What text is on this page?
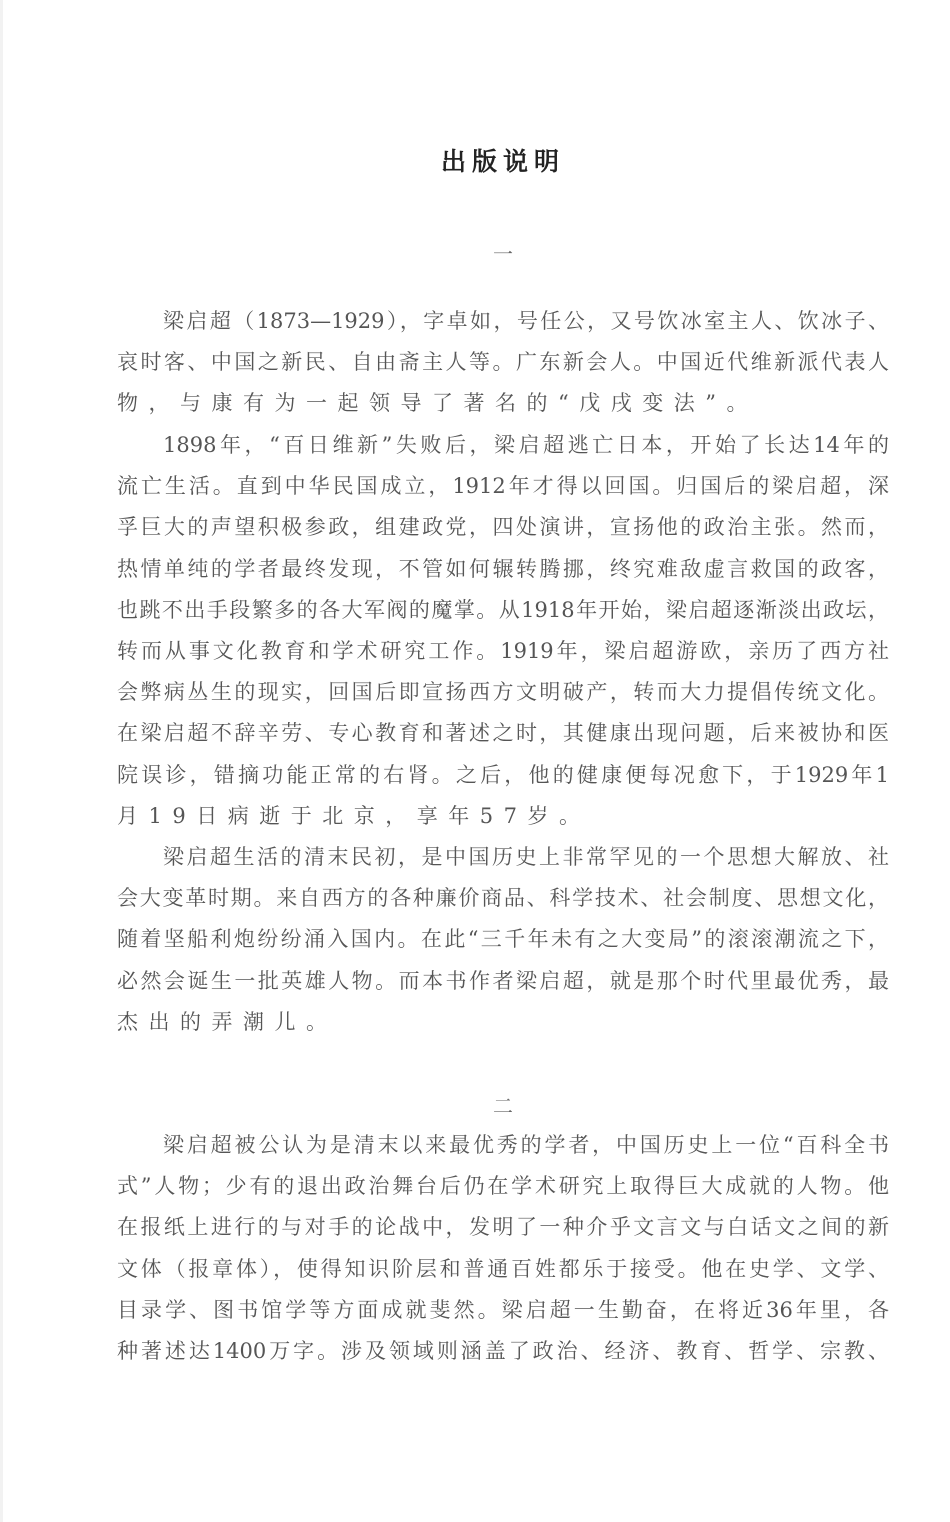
出版说明
一
梁启超（1873—1929），字卓如，号任公，又号饮冰室主人、饮冰子、
哀时客、中国之新民、自由斋主人等。广东新会人。中国近代维新派代表人
物，与康有为一起领导了著名的“戊戌变法”。
1898年，“百日维新”失败后，梁启超逃亡日本，开始了长达14年的
流亡生活。直到中华民国成立，1912年才得以回国。归国后的梁启超，深
孚巨大的声望积极参政，组建政党，四处演讲，宣扬他的政治主张。然而，
热情单纯的学者最终发现，不管如何辗转腾挪，终究难敌虚言救国的政客，
也跳不出手段繁多的各大军阀的魔掌。从1918年开始，梁启超逐渐淡出政坛，
转而从事文化教育和学术研究工作。1919年，梁启超游欧，亲历了西方社
会弊病丛生的现实，回国后即宣扬西方文明破产，转而大力提倡传统文化。
在梁启超不辞辛劳、专心教育和著述之时，其健康出现问题，后来被协和医
院误诊，错摘功能正常的右肾。之后，他的健康便每况愈下，于1929年1
月19日病逝于北京，享年57岁。
梁启超生活的清末民初，是中国历史上非常罕见的一个思想大解放、社
会大变革时期。来自西方的各种廉价商品、科学技术、社会制度、思想文化，
随着坚船利炮纷纷涌入国内。在此“三千年未有之大变局”的滚滚潮流之下，
必然会诞生一批英雄人物。而本书作者梁启超，就是那个时代里最优秀，最
杰出的弄潮儿。
二
梁启超被公认为是清末以来最优秀的学者，中国历史上一位“百科全书
式”人物；少有的退出政治舞台后仍在学术研究上取得巨大成就的人物。他
在报纸上进行的与对手的论战中，发明了一种介乎文言文与白话文之间的新
文体（报章体），使得知识阶层和普通百姓都乐于接受。他在史学、文学、
目录学、图书馆学等方面成就斐然。梁启超一生勤奋，在将近36年里，各
种著述达1400万字。涉及领域则涵盖了政治、经济、教育、哲学、宗教、
